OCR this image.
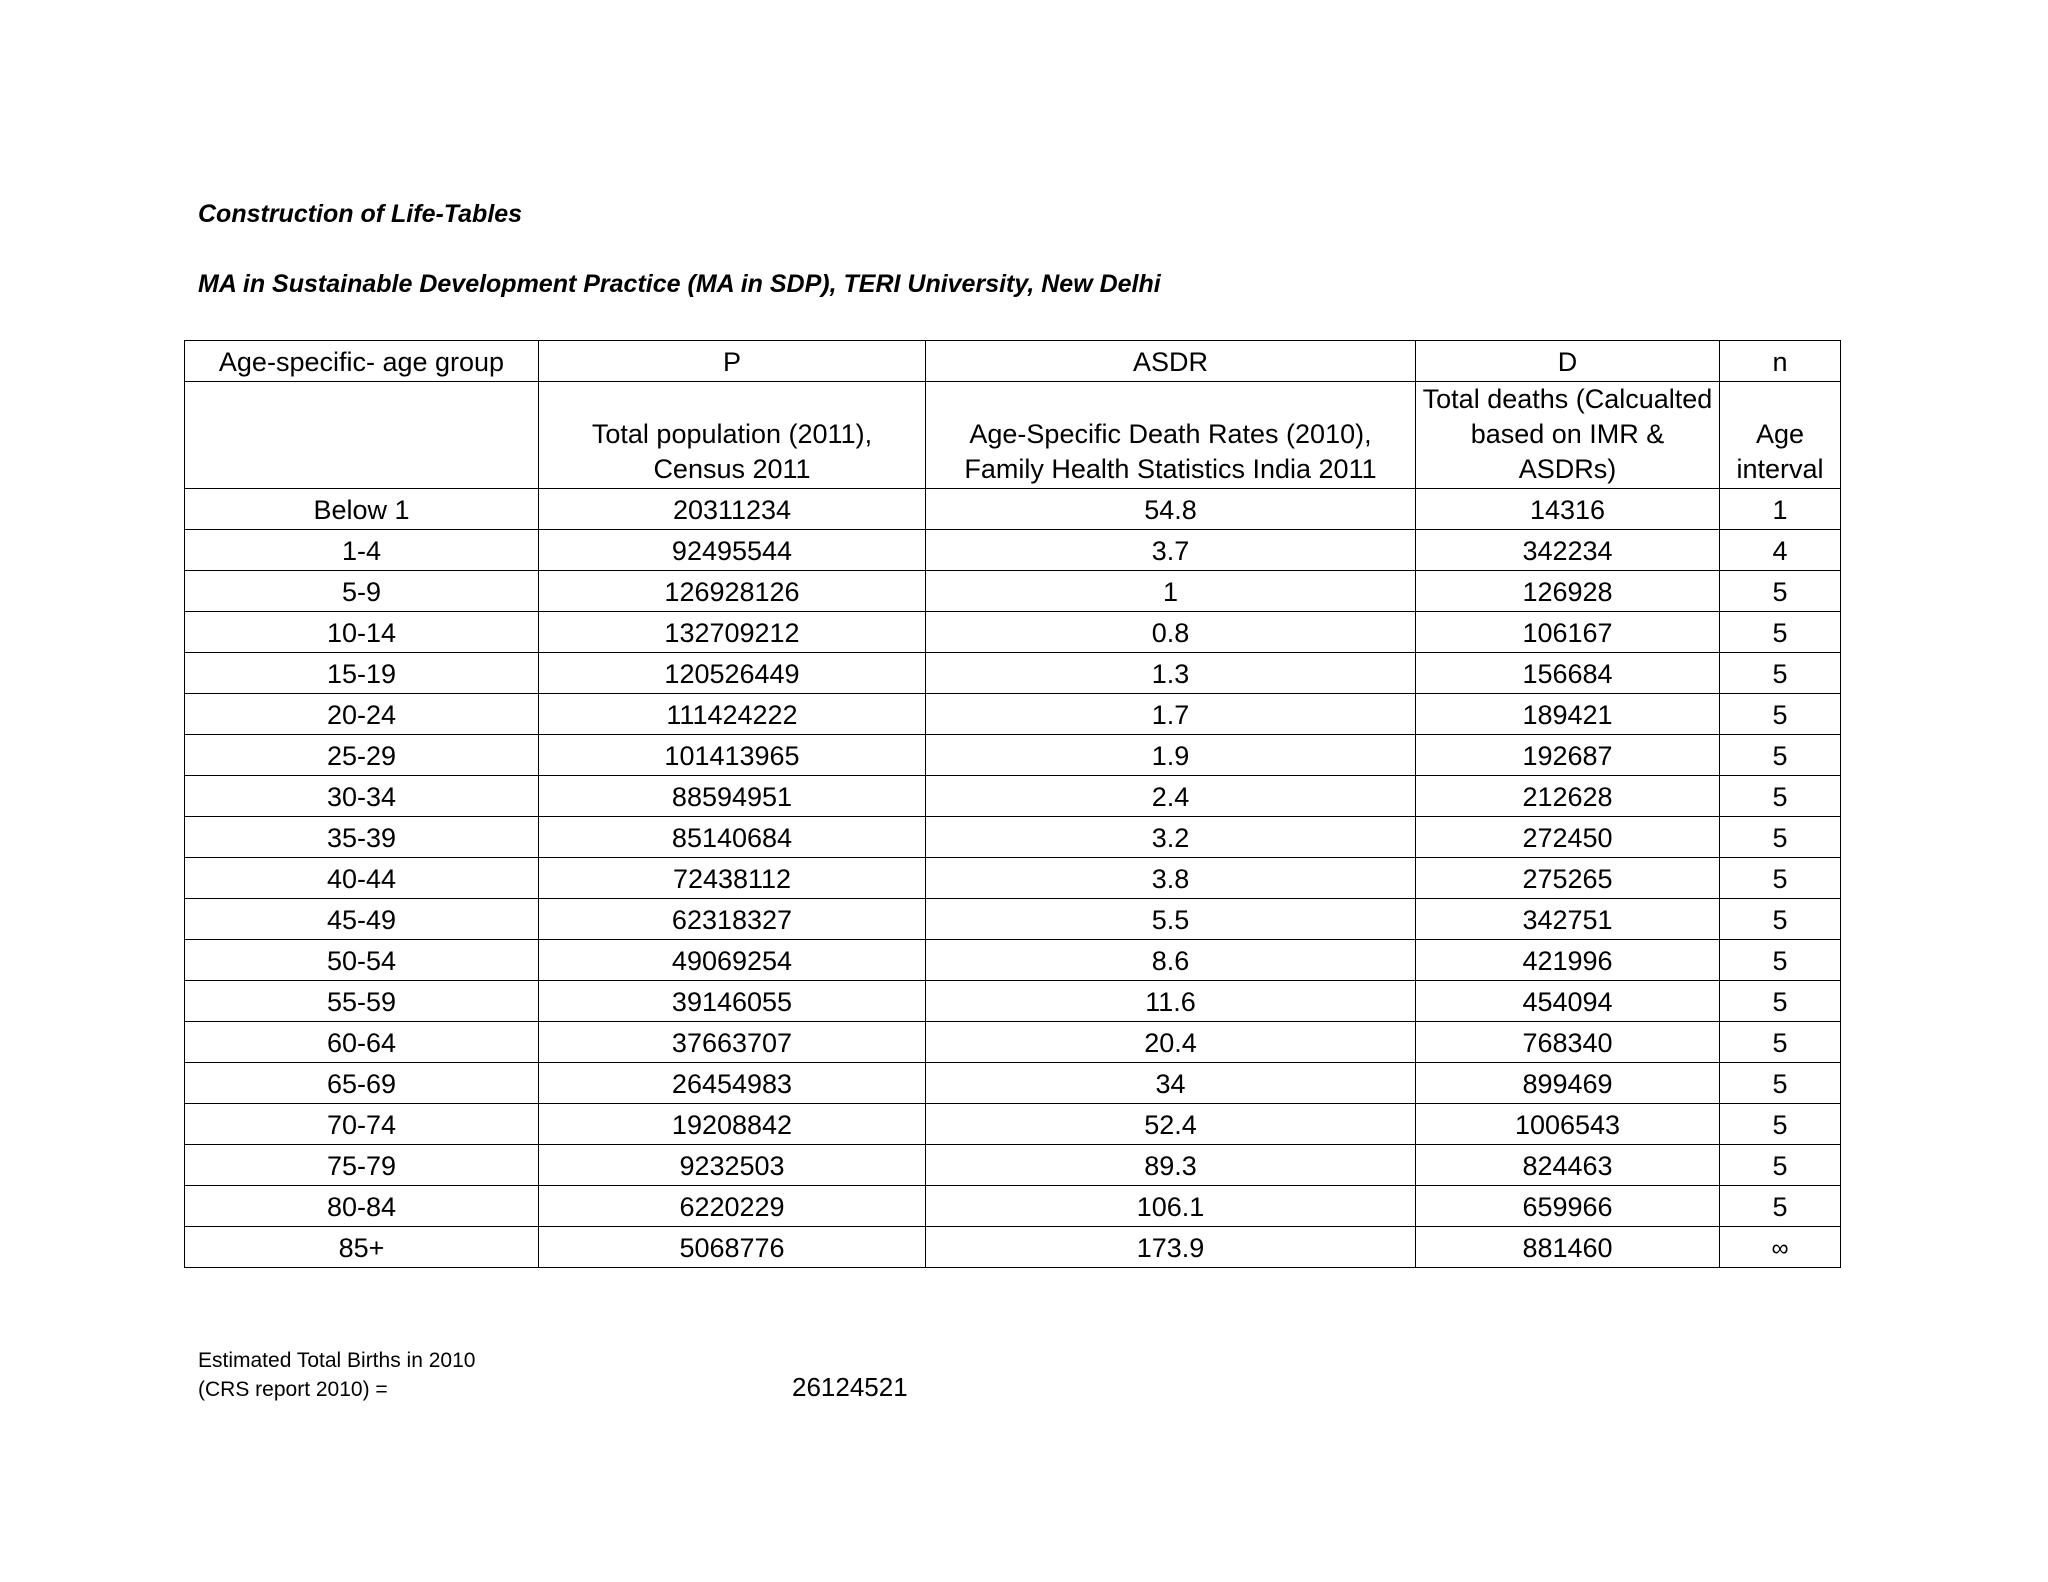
Construction of Life-Tables
MA in Sustainable Development Practice (MA in SDP), TERI University, New Delhi
Age-specific- age group	P	ASDR	D	n
	Total population (2011), Census 2011	Age-Specific Death Rates (2010), Family Health Statistics India 2011	Total deaths (Calcualted based on IMR & ASDRs)	Age interval
Below 1	20311234	54.8	14316	1
1-4	92495544	3.7	342234	4
5-9	126928126	1	126928	5
10-14	132709212	0.8	106167	5
15-19	120526449	1.3	156684	5
20-24	111424222	1.7	189421	5
25-29	101413965	1.9	192687	5
30-34	88594951	2.4	212628	5
35-39	85140684	3.2	272450	5
40-44	72438112	3.8	275265	5
45-49	62318327	5.5	342751	5
50-54	49069254	8.6	421996	5
55-59	39146055	11.6	454094	5
60-64	37663707	20.4	768340	5
65-69	26454983	34	899469	5
70-74	19208842	52.4	1006543	5
75-79	9232503	89.3	824463	5
80-84	6220229	106.1	659966	5
85+	5068776	173.9	881460	∞
Estimated Total Births in 2010
(CRS report 2010) =	26124521
